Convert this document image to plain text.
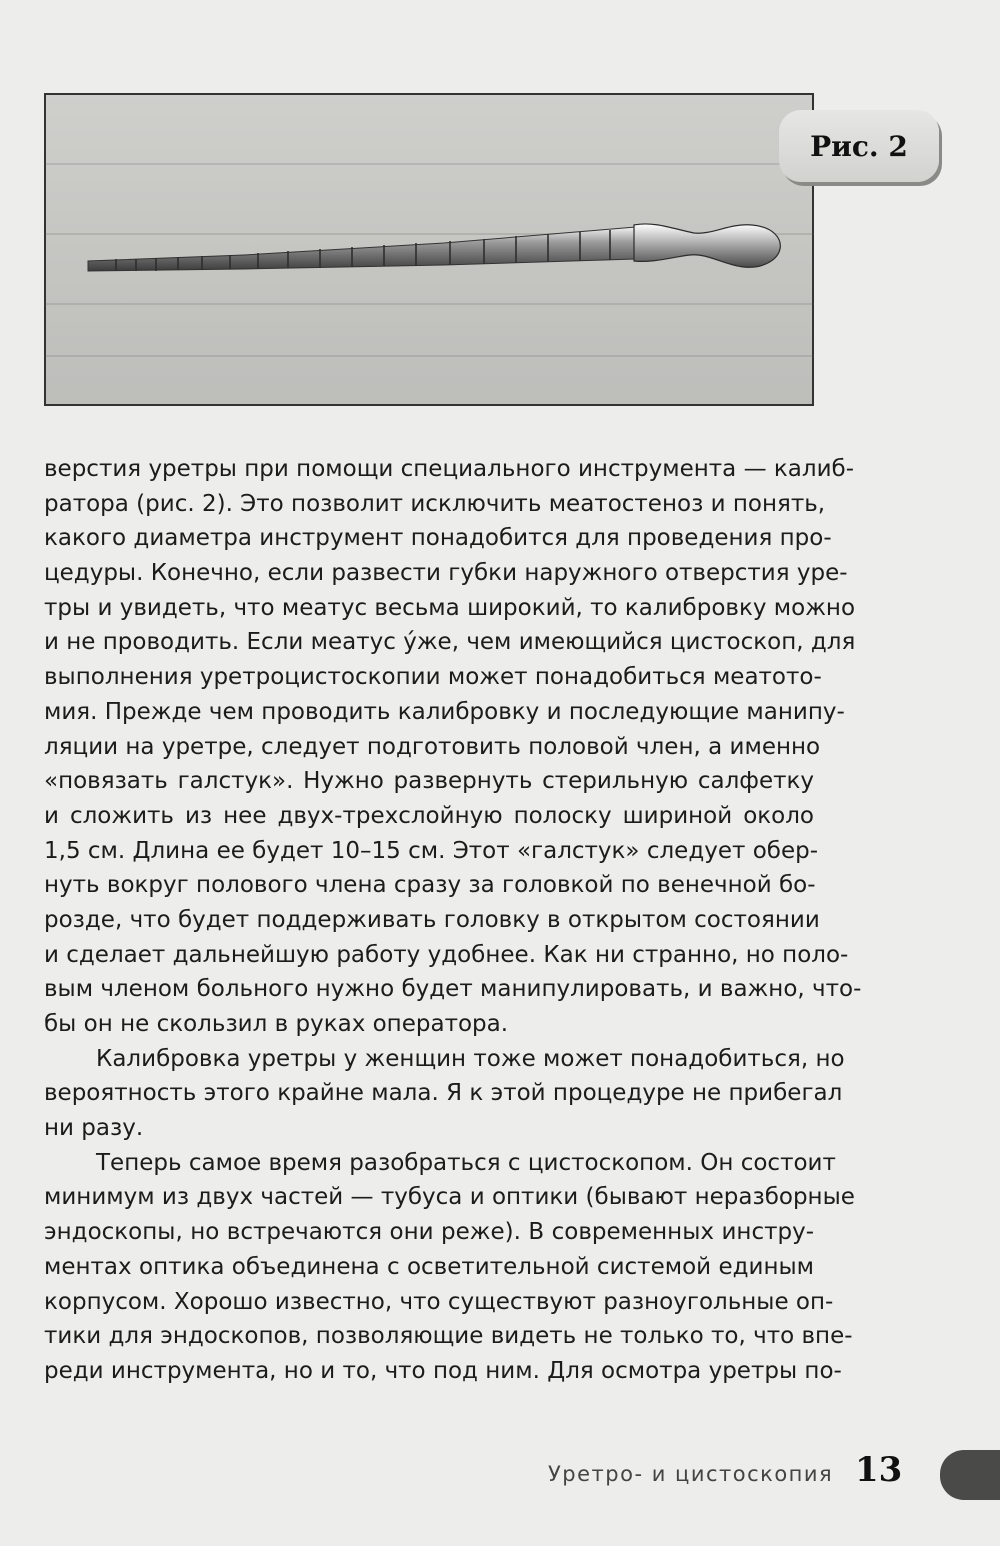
Рис. 2
верстия уретры при помощи специального инструмента — калиб-
ратора (рис. 2). Это позволит исключить меатостеноз и понять,
какого диаметра инструмент понадобится для проведения про-
цедуры. Конечно, если развести губки наружного отверстия уре-
тры и увидеть, что меатус весьма широкий, то калибровку можно
и не проводить. Если меатус у́же, чем имеющийся цистоскоп, для
выполнения уретроцистоскопии может понадобиться меатото-
мия. Прежде чем проводить калибровку и последующие манипу-
ляции на уретре, следует подготовить половой член, а именно
«повязать галстук». Нужно развернуть стерильную салфетку
и сложить из нее двух-трехслойную полоску шириной около
1,5 см. Длина ее будет 10–15 см. Этот «галстук» следует обер-
нуть вокруг полового члена сразу за головкой по венечной бо-
розде, что будет поддерживать головку в открытом состоянии
и сделает дальнейшую работу удобнее. Как ни странно, но поло-
вым членом больного нужно будет манипулировать, и важно, что-
бы он не скользил в руках оператора.
Калибровка уретры у женщин тоже может понадобиться, но
вероятность этого крайне мала. Я к этой процедуре не прибегал
ни разу.
Теперь самое время разобраться с цистоскопом. Он состоит
минимум из двух частей — тубуса и оптики (бывают неразборные
эндоскопы, но встречаются они реже). В современных инстру-
ментах оптика объединена с осветительной системой единым
корпусом. Хорошо известно, что существуют разноугольные оп-
тики для эндоскопов, позволяющие видеть не только то, что впе-
реди инструмента, но и то, что под ним. Для осмотра уретры по-
Уретро- и цистоскопия 13
